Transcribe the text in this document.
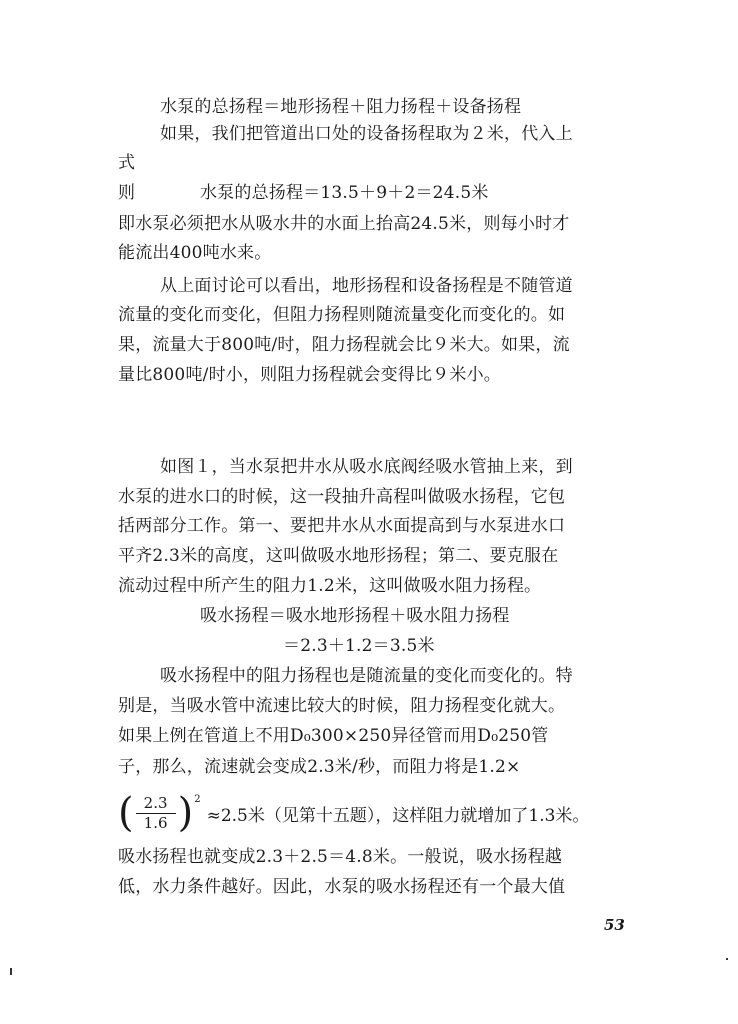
水泵的总扬程＝地形扬程＋阻力扬程＋设备扬程
如果，我们把管道出口处的设备扬程取为２米，代入上
式
则	水泵的总扬程＝13.5＋9＋2＝24.5米
即水泵必须把水从吸水井的水面上抬高24.5米，则每小时才
能流出400吨水来。
从上面讨论可以看出，地形扬程和设备扬程是不随管道
流量的变化而变化，但阻力扬程则随流量变化而变化的。如
果，流量大于800吨/时，阻力扬程就会比９米大。如果，流
量比800吨/时小，则阻力扬程就会变得比９米小。
如图１，当水泵把井水从吸水底阀经吸水管抽上来，到
水泵的进水口的时候，这一段抽升高程叫做吸水扬程，它包
括两部分工作。第一、要把井水从水面提高到与水泵进水口
平齐2.3米的高度，这叫做吸水地形扬程；第二、要克服在
流动过程中所产生的阻力1.2米，这叫做吸水阻力扬程。
吸水扬程＝吸水地形扬程＋吸水阻力扬程
＝2.3＋1.2＝3.5米
吸水扬程中的阻力扬程也是随流量的变化而变化的。特
别是，当吸水管中流速比较大的时候，阻力扬程变化就大。
如果上例在管道上不用D₀300×250异径管而用D₀250管
子，那么，流速就会变成2.3米/秒，而阻力将是1.2×
( 2.3
1.6 ) 2
≈2.5米（见第十五题），这样阻力就增加了1.3米。
吸水扬程也就变成2.3＋2.5＝4.8米。一般说，吸水扬程越
低，水力条件越好。因此，水泵的吸水扬程还有一个最大值
53
